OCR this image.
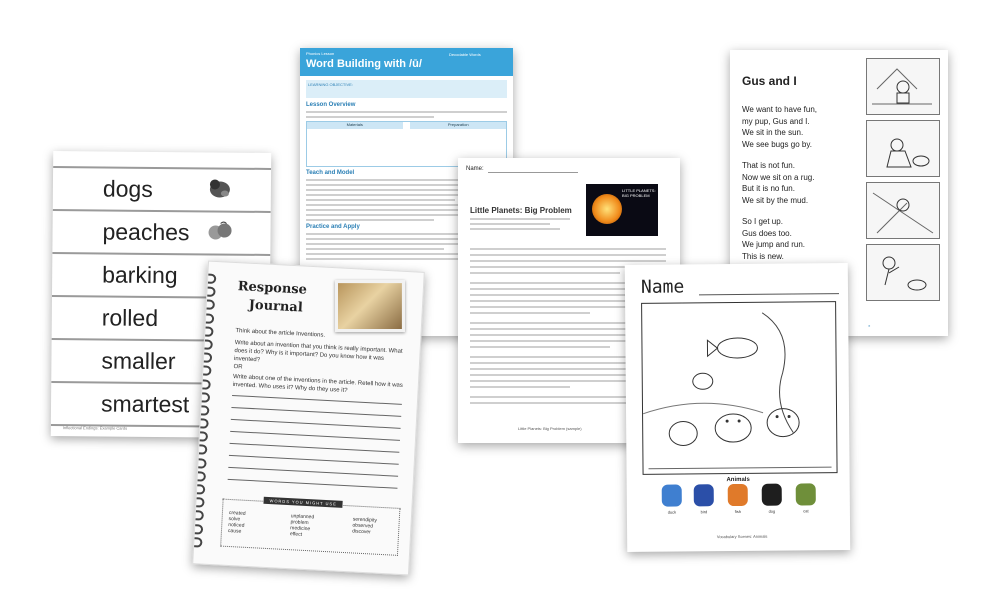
dogs
peaches
barking
rolled
smaller
smartest
Inflectional Endings: Example Cards
Phonics Lesson
Word Building with /ū/
Decodable Words
LEARNING OBJECTIVE:
Lesson Overview
Materials	Preparation
Teach and Model
Practice and Apply
Name:
LITTLE PLANETS: BIG PROBLEM
Little Planets: Big Problem
Little Planets: Big Problem (sample)
Response
Journal
Think about the article Inventions.
Write about an invention that you think is really important. What does it do? Why is it important? Do you know how it was invented?
OR
Write about one of the inventions in the article. Retell how it was invented. Who uses it? Why do they use it?
WORDS YOU MIGHT USE
created
solve
noticed
cause
unplanned
problem
medicine
effect
serendipity
observed
discover
Gus and I
We want to have fun,
my pup, Gus and I.
We sit in the sun.
We see bugs go by.
That is not fun.
Now we sit on a rug.
But it is no fun.
We sit by the mud.
So I get up.
Gus does too.
We jump and run.
This is new.
✕
Name
Animals
duck	bird	fish	dog	cat
Vocabulary Scenes: Animals
